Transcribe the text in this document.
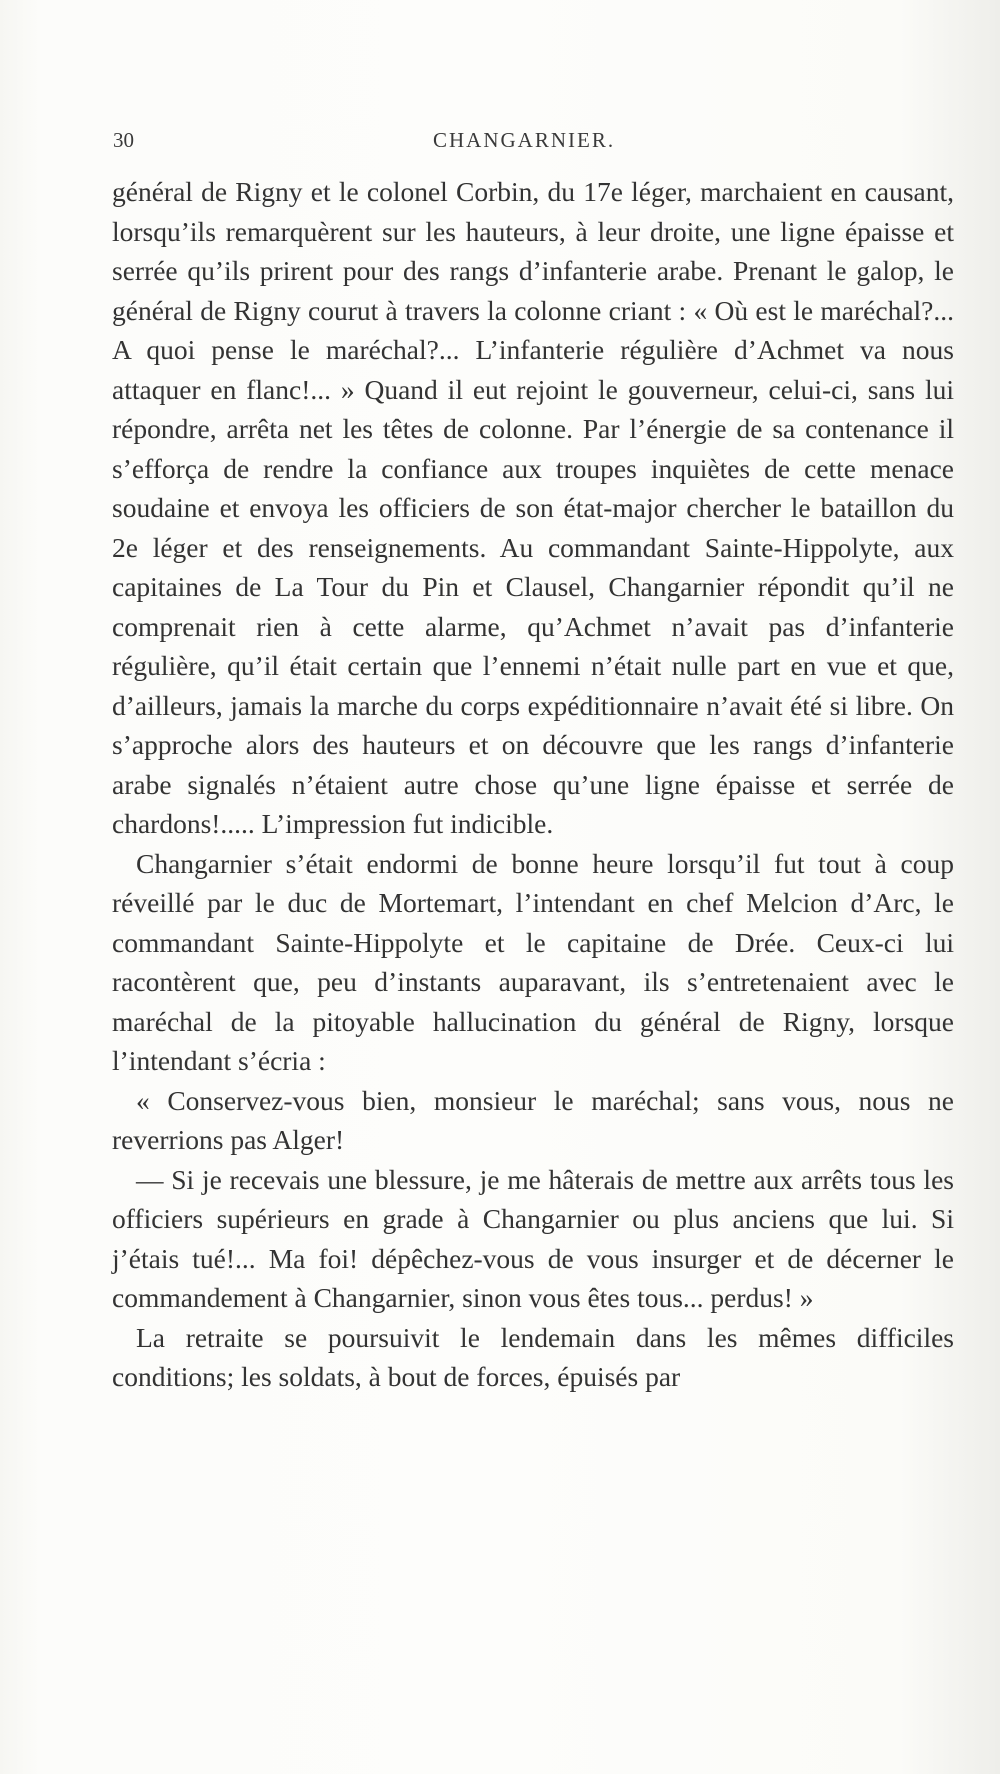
30	CHANGARNIER.

général de Rigny et le colonel Corbin, du 17e léger, marchaient en causant, lorsqu’ils remarquèrent sur les hauteurs, à leur droite, une ligne épaisse et serrée qu’ils prirent pour des rangs d’infanterie arabe. Prenant le galop, le général de Rigny courut à travers la colonne criant : « Où est le maréchal?... A quoi pense le maréchal?... L’infanterie régulière d’Achmet va nous attaquer en flanc!... » Quand il eut rejoint le gouverneur, celui-ci, sans lui répondre, arrêta net les têtes de colonne. Par l’énergie de sa contenance il s’efforça de rendre la confiance aux troupes inquiètes de cette menace soudaine et envoya les officiers de son état-major chercher le bataillon du 2e léger et des renseignements. Au commandant Sainte-Hippolyte, aux capitaines de La Tour du Pin et Clausel, Changarnier répondit qu’il ne comprenait rien à cette alarme, qu’Achmet n’avait pas d’infanterie régulière, qu’il était certain que l’ennemi n’était nulle part en vue et que, d’ailleurs, jamais la marche du corps expéditionnaire n’avait été si libre. On s’approche alors des hauteurs et on découvre que les rangs d’infanterie arabe signalés n’étaient autre chose qu’une ligne épaisse et serrée de chardons!..... L’impression fut indicible.

Changarnier s’était endormi de bonne heure lorsqu’il fut tout à coup réveillé par le duc de Mortemart, l’intendant en chef Melcion d’Arc, le commandant Sainte-Hippolyte et le capitaine de Drée. Ceux-ci lui racontèrent que, peu d’instants auparavant, ils s’entretenaient avec le maréchal de la pitoyable hallucination du général de Rigny, lorsque l’intendant s’écria :

« Conservez-vous bien, monsieur le maréchal; sans vous, nous ne reverrions pas Alger!

— Si je recevais une blessure, je me hâterais de mettre aux arrêts tous les officiers supérieurs en grade à Changarnier ou plus anciens que lui. Si j’étais tué!... Ma foi! dépêchez-vous de vous insurger et de décerner le commandement à Changarnier, sinon vous êtes tous... perdus! »

La retraite se poursuivit le lendemain dans les mêmes difficiles conditions; les soldats, à bout de forces, épuisés par
